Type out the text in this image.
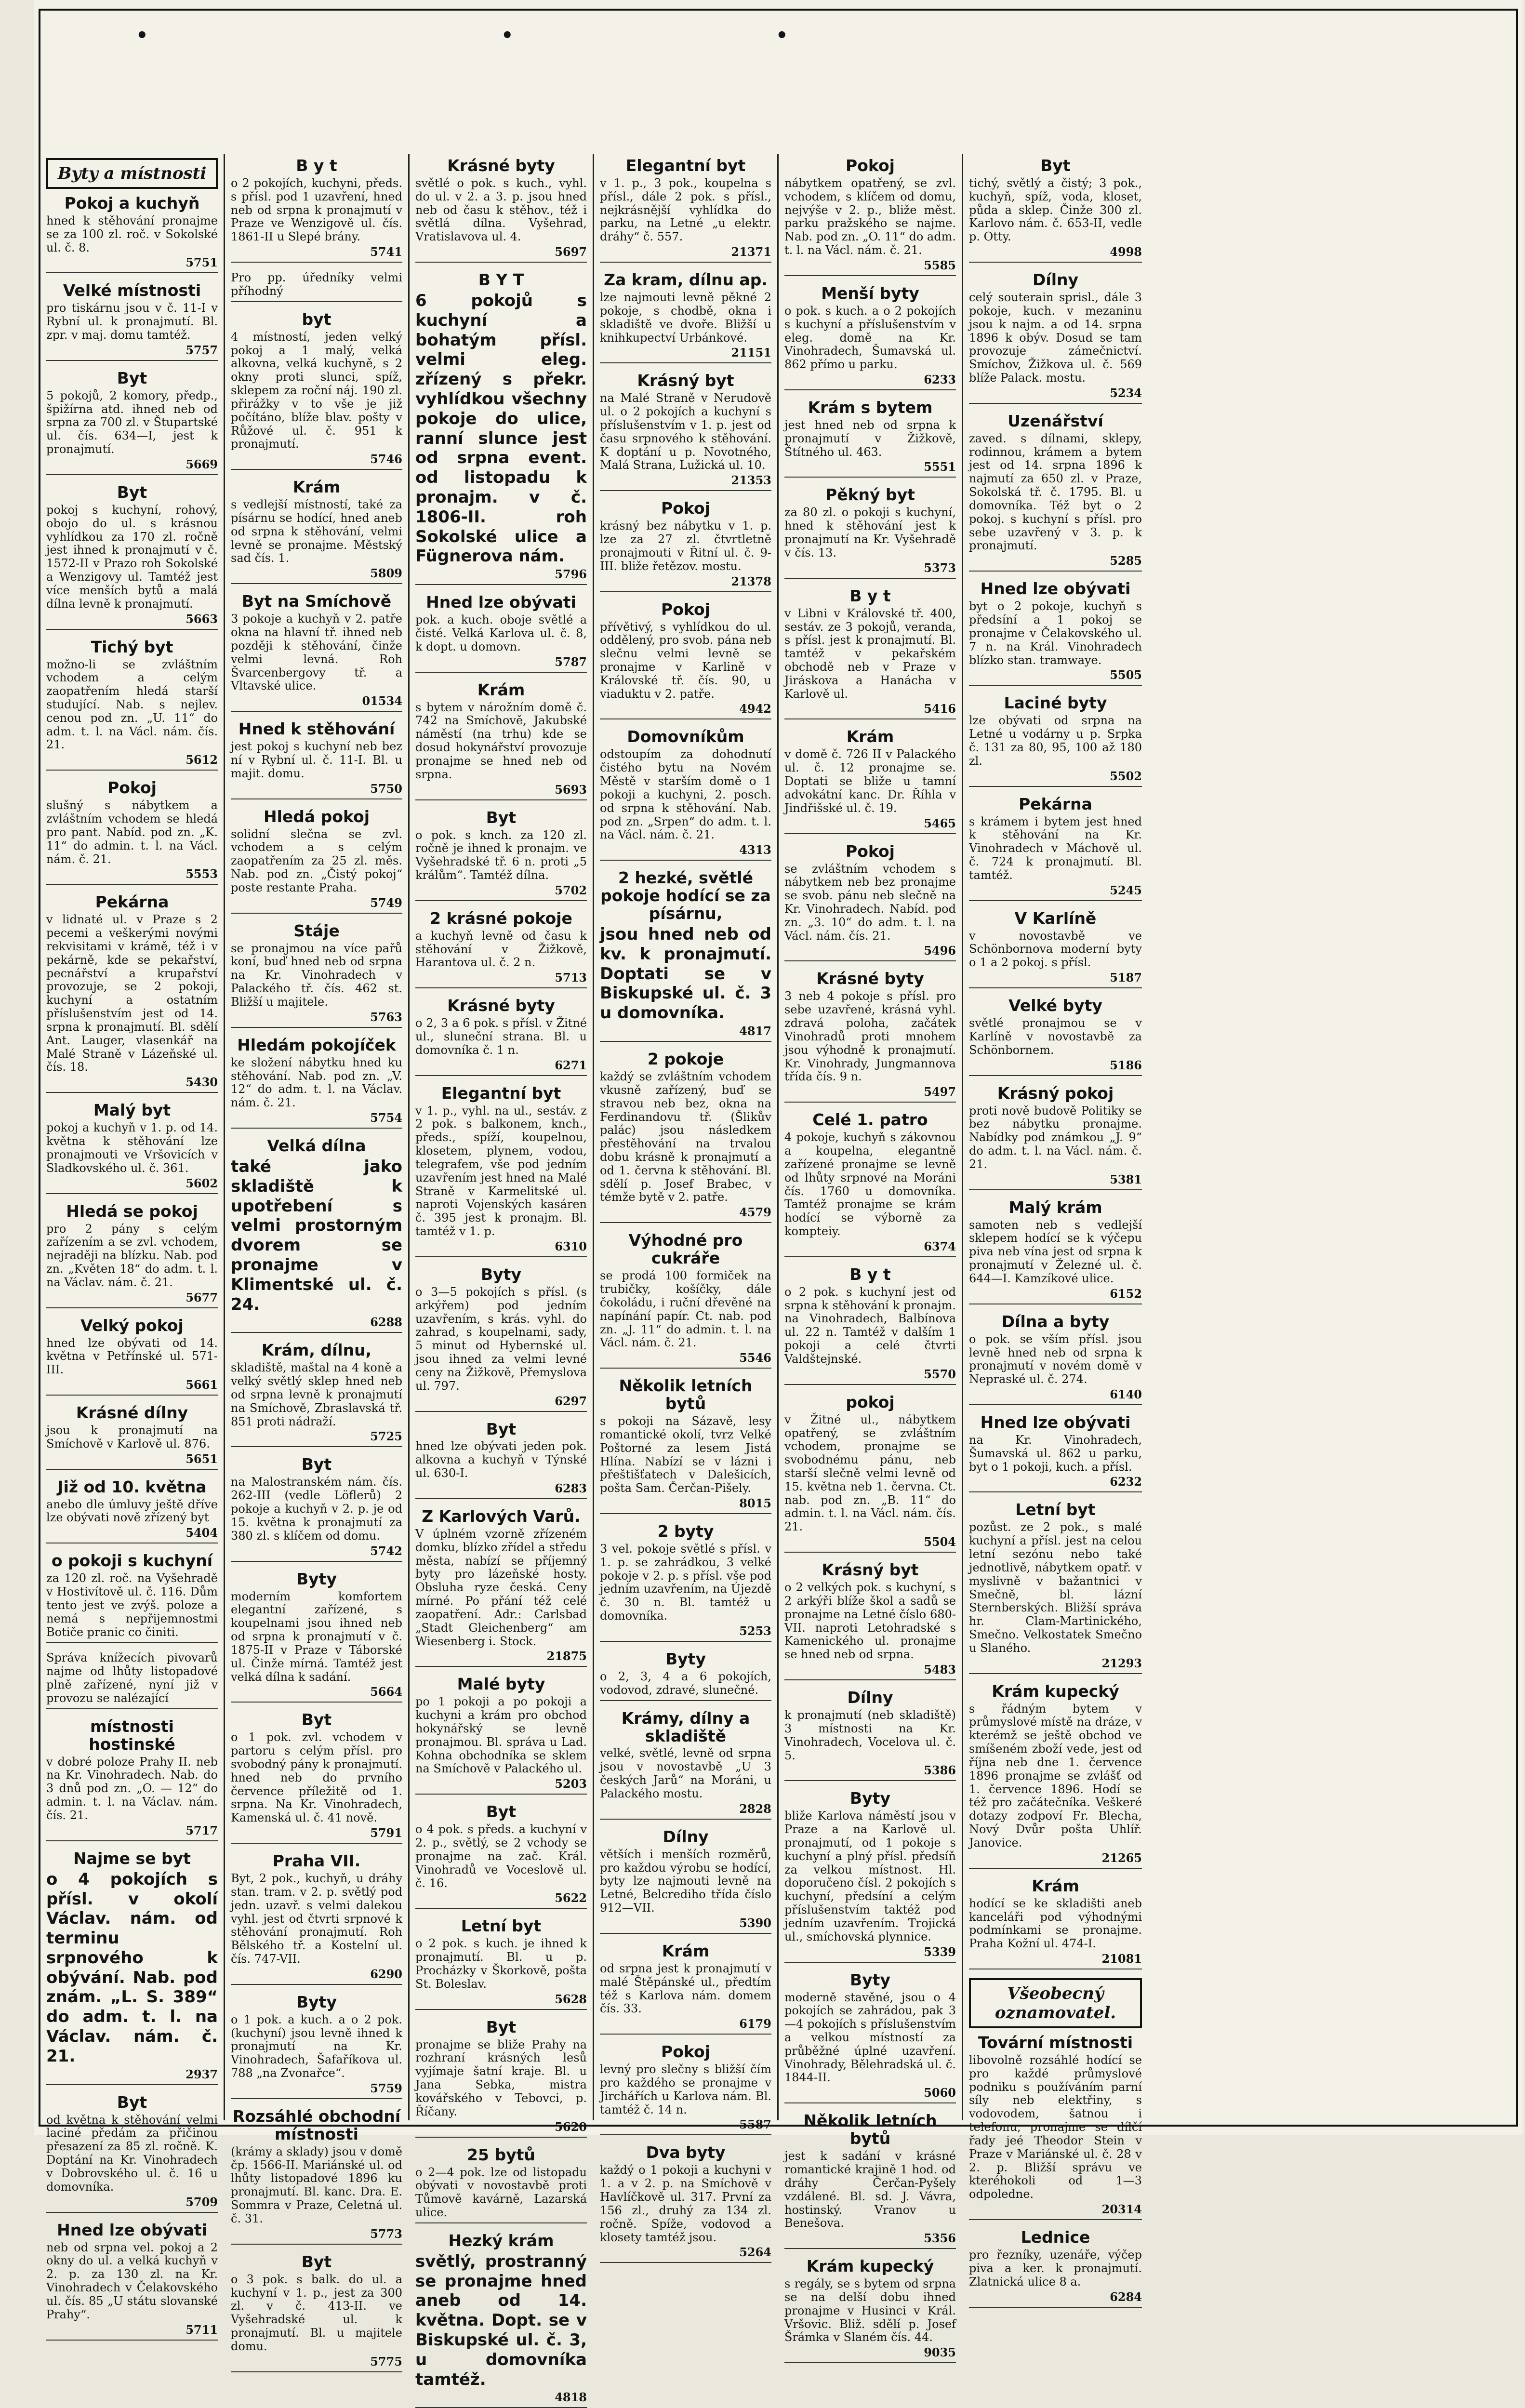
•	•	•
Byty a místnosti
Pokoj a kuchyň
hned k stěhování pronajme se za 100 zl. roč. v Sokolské ul. č. 8.
5751
Velké místnosti
pro tiskárnu jsou v č. 11-I v Rybní ul. k pronajmutí. Bl. zpr. v maj. domu tamtéž.
5757
Byt
5 pokojů, 2 komory, předp., špižírna atd. ihned neb od srpna za 700 zl. v Štupartské ul. čís. 634—I, jest k pronajmutí.
5669
Byt
pokoj s kuchyní, rohový, obojo do ul. s krásnou vyhlídkou za 170 zl. ročně jest ihned k pronajmutí v č. 1572-II v Prazo roh Sokolské a Wenzigovy ul. Tamtéž jest více menších bytů a malá dílna levně k pronajmutí.
5663
Tichý byt
možno-li se zvláštním vchodem a celým zaopatřením hledá starší studující. Nab. s nejlev. cenou pod zn. „U. 11“ do adm. t. l. na Václ. nám. čís. 21.
5612
Pokoj
slušný s nábytkem a zvláštním vchodem se hledá pro pant. Nabíd. pod zn. „K. 11“ do admin. t. l. na Václ. nám. č. 21.
5553
Pekárna
v lidnaté ul. v Praze s 2 pecemi a veškerými novými rekvisitami v krámě, též i v pekárně, kde se pekařství, pecnářství a krupařství provozuje, se 2 pokoji, kuchyní a ostatním příslušenstvím jest od 14. srpna k pronajmutí. Bl. sdělí Ant. Lauger, vlasenkář na Malé Straně v Lázeňské ul. čís. 18.
5430
Malý byt
pokoj a kuchyň v 1. p. od 14. května k stěhování lze pronajmouti ve Vršovicích v Sladkovského ul. č. 361.
5602
Hledá se pokoj
pro 2 pány s celým zařízením a se zvl. vchodem, nejraději na blízku. Nab. pod zn. „Květen 18“ do adm. t. l. na Václav. nám. č. 21.
5677
Velký pokoj
hned lze obývati od 14. května v Petřínské ul. 571-III.
5661
Krásné dílny
jsou k pronajmutí na Smíchově v Karlově ul. 876.
5651
Již od 10. května
anebo dle úmluvy ještě dříve lze obývati nově zřízený byt
5404
o pokoji s kuchyní
za 120 zl. roč. na Vyšehradě v Hostivítově ul. č. 116. Dům tento jest ve zvýš. poloze a nemá s nepřijemnostmi Botiče pranic co činiti.
Správa knížecích pivovarů najme od lhůty listopadové plně zařízené, nyní již v provozu se nalézající
místnosti hostinské
v dobré poloze Prahy II. neb na Kr. Vinohradech. Nab. do 3 dnů pod zn. „O. — 12“ do admin. t. l. na Václav. nám. čís. 21.
5717
Najme se byt
o 4 pokojích s přísl. v okolí Václav. nám. od terminu srpnového k obývání. Nab. pod znám. „L. S. 389“ do adm. t. l. na Václav. nám. č. 21.
2937
Byt
od května k stěhování velmi laciné předám za přičinou přesazení za 85 zl. ročně. K. Doptání na Kr. Vinohradech v Dobrovského ul. č. 16 u domovníka.
5709
Hned lze obývati
neb od srpna vel. pokoj a 2 okny do ul. a velká kuchyň v 2. p. za 130 zl. na Kr. Vinohradech v Čelakovského ul. čís. 85 „U státu slovanské Prahy“.
5711
B y t
o 2 pokojích, kuchyni, předs. s přísl. pod 1 uzavření, hned neb od srpna k pronajmutí v Praze ve Wenzigově ul. čís. 1861-II u Slepé brány.
5741
Pro pp. úředníky velmi příhodný
byt
4 místností, jeden velký pokoj a 1 malý, velká alkovna, velká kuchyně, s 2 okny proti slunci, spíž, sklepem za roční náj. 190 zl. přirážky v to vše je již počítáno, blíže blav. pošty v Růžové ul. č. 951 k pronajmutí.
5746
Krám
s vedlejší místností, také za písárnu se hodící, hned aneb od srpna k stěhování, velmi levně se pronajme. Městský sad čís. 1.
5809
Byt na Smíchově
3 pokoje a kuchyň v 2. patře okna na hlavní tř. ihned neb později k stěhování, činže velmi levná. Roh Švarcenbergovy tř. a Vltavské ulice.
01534
Hned k stěhování
jest pokoj s kuchyní neb bez ní v Rybní ul. č. 11-I. Bl. u majit. domu.
5750
Hledá pokoj
solidní slečna se zvl. vchodem a s celým zaopatřením za 25 zl. měs. Nab. pod zn. „Čistý pokoj“ poste restante Praha.
5749
Stáje
se pronajmou na více pařů koní, buď hned neb od srpna na Kr. Vinohradech v Palackého tř. čís. 462 st. Bližší u majitele.
5763
Hledám pokojíček
ke složení nábytku hned ku stěhování. Nab. pod zn. „V. 12“ do adm. t. l. na Václav. nám. č. 21.
5754
Velká dílna
také jako skladiště k upotřebení s velmi prostorným dvorem se pronajme v Klimentské ul. č. 24.
6288
Krám, dílnu,
skladiště, maštal na 4 koně a velký světlý sklep hned neb od srpna levně k pronajmutí na Smíchově, Zbraslavská tř. 851 proti nádraží.
5725
Byt
na Malostranském nám. čís. 262-III (vedle Löflerů) 2 pokoje a kuchyň v 2. p. je od 15. května k pronajmutí za 380 zl. s klíčem od domu.
5742
Byty
moderním komfortem elegantní zařízené, s koupelnami jsou ihned neb od srpna k pronajmutí v č. 1875-II v Praze v Táborské ul. Činže mírná. Tamtéž jest velká dílna k sadání.
5664
Byt
o 1 pok. zvl. vchodem v partoru s celým přísl. pro svobodný pány k pronajmutí. hned neb do prvního července příležitě od 1. srpna. Na Kr. Vinohradech, Kamenská ul. č. 41 nově.
5791
Praha VII.
Byt, 2 pok., kuchyň, u dráhy stan. tram. v 2. p. světlý pod jedn. uzavř. s velmi dalekou vyhl. jest od čtvrti srpnové k stěhování pronajmutí. Roh Bělského tř. a Kostelní ul. čís. 747-VII.
6290
Byty
o 1 pok. a kuch. a o 2 pok. (kuchyní) jsou levně ihned k pronajmutí na Kr. Vinohradech, Šafaříkova ul. 788 „na Zvonařce“.
5759
Rozsáhlé obchodní místnosti
(krámy a sklady) jsou v domě čp. 1566-II. Mariánské ul. od lhůty listopadové 1896 ku pronajmutí. Bl. kanc. Dra. E. Sommra v Praze, Celetná ul. č. 31.
5773
Byt
o 3 pok. s balk. do ul. a kuchyní v 1. p., jest za 300 zl. v č. 413-II. ve Vyšehradské ul. k pronajmutí. Bl. u majitele domu.
5775
Krásné byty
světlé o pok. s kuch., vyhl. do ul. v 2. a 3. p. jsou hned neb od času k stěhov., též i světlá dílna. Vyšehrad, Vratislavova ul. 4.
5697
B Y T
6 pokojů s kuchyní a bohatým přísl. velmi eleg. zřízený s překr. vyhlídkou všechny pokoje do ulice, ranní slunce jest od srpna event. od listopadu k pronajm. v č. 1806-II. roh Sokolské ulice a Fügnerova nám.
5796
Hned lze obývati
pok. a kuch. oboje světlé a čisté. Velká Karlova ul. č. 8, k dopt. u domovn.
5787
Krám
s bytem v nárožním domě č. 742 na Smíchově, Jakubské náměstí (na trhu) kde se dosud hokynářství provozuje pronajme se hned neb od srpna.
5693
Byt
o pok. s knch. za 120 zl. ročně je ihned k pronajm. ve Vyšehradské tř. 6 n. proti „5 králům“. Tamtéž dílna.
5702
2 krásné pokoje
a kuchyň levně od času k stěhování v Žižkově, Harantova ul. č. 2 n.
5713
Krásné byty
o 2, 3 a 6 pok. s přísl. v Žitné ul., sluneční strana. Bl. u domovníka č. 1 n.
6271
Elegantní byt
v 1. p., vyhl. na ul., sestáv. z 2 pok. s balkonem, knch., předs., spíží, koupelnou, klosetem, plynem, vodou, telegrafem, vše pod jedním uzavřením jest hned na Malé Straně v Karmelitské ul. naproti Vojenských kasáren č. 395 jest k pronajm. Bl. tamtéž v 1. p.
6310
Byty
o 3—5 pokojích s přísl. (s arkýřem) pod jedním uzavřením, s krás. vyhl. do zahrad, s koupelnami, sady, 5 minut od Hybernské ul. jsou ihned za velmi levné ceny na Žižkově, Přemyslova ul. 797.
6297
Byt
hned lze obývati jeden pok. alkovna a kuchyň v Týnské ul. 630-I.
6283
Z Karlových Varů.
V úplném vzorně zřízeném domku, blízko zřídel a středu města, nabízí se příjemný byty pro lázeňské hosty. Obsluha ryze česká. Ceny mírné. Po přání též celé zaopatření. Adr.: Carlsbad „Stadt Gleichenberg“ am Wiesenberg i. Stock.
21875
Malé byty
po 1 pokoji a po pokoji a kuchyni a krám pro obchod hokynářský se levně pronajmou. Bl. správa u Lad. Kohna obchodníka se sklem na Smíchově v Palackého ul.
5203
Byt
o 4 pok. s předs. a kuchyní v 2. p., světlý, se 2 vchody se pronajme na zač. Král. Vinohradů ve Voceslově ul. č. 16.
5622
Letní byt
o 2 pok. s kuch. je ihned k pronajmutí. Bl. u p. Procházky v Škorkově, pošta St. Boleslav.
5628
Byt
pronajme se bliže Prahy na rozhraní krásných lesů vyjímaje šatní kraje. Bl. u Jana Sebka, mistra kovářského v Tebovci, p. Říčany.
5620
25 bytů
o 2—4 pok. lze od listopadu obývati v novostavbě proti Tůmově kavárně, Lazarská ulice.
Hezký krám
světlý, prostranný se pronajme hned aneb od 14. května. Dopt. se v Biskupské ul. č. 3, u domovníka tamtéž.
4818
Elegantní byt
v 1. p., 3 pok., koupelna s přísl., dále 2 pok. s přísl., nejkrásnější vyhlídka do parku, na Letné „u elektr. dráhy“ č. 557.
21371
Za kram, dílnu ap.
lze najmouti levně pěkné 2 pokoje, s chodbě, okna i skladiště ve dvoře. Bližší u knihkupectví Urbánkové.
21151
Krásný byt
na Malé Straně v Nerudově ul. o 2 pokojích a kuchyní s příslušenstvím v 1. p. jest od času srpnového k stěhování. K doptání u p. Novotného, Malá Strana, Lužická ul. 10.
21353
Pokoj
krásný bez nábytku v 1. p. lze za 27 zl. čtvrtletně pronajmouti v Řitní ul. č. 9-III. bliže řetězov. mostu.
21378
Pokoj
přívětivý, s vyhlídkou do ul. oddělený, pro svob. pána neb slečnu velmi levně se pronajme v Karlině v Královské tř. čís. 90, u viaduktu v 2. patře.
4942
Domovníkům
odstoupím za dohodnutí čistého bytu na Novém Městě v starším domě o 1 pokoji a kuchyni, 2. posch. od srpna k stěhování. Nab. pod zn. „Srpen“ do adm. t. l. na Václ. nám. č. 21.
4313
2 hezké, světlé pokoje hodící se za písárnu,
jsou hned neb od kv. k pronajmutí. Doptati se v Biskupské ul. č. 3 u domovníka.
4817
2 pokoje
každý se zvláštním vchodem vkusně zařízený, buď se stravou neb bez, okna na Ferdinandovu tř. (Šlikův palác) jsou následkem přestěhování na trvalou dobu krásně k pronajmutí a od 1. června k stěhování. Bl. sdělí p. Josef Brabec, v témže bytě v 2. patře.
4579
Výhodné pro cukráře
se prodá 100 formiček na trubičky, košíčky, dále čokoládu, i ruční dřevěné na napínání papír. Ct. nab. pod zn. „J. 11“ do admin. t. l. na Václ. nám. č. 21.
5546
Několik letních bytů
s pokoji na Sázavě, lesy romantické okolí, tvrz Velké Poštorné za lesem Jistá Hlína. Nabízí se v lázni i přeštišťatech v Dalešicích, pošta Sam. Čerčan-Pišely.
8015
2 byty
3 vel. pokoje světlé s přísl. v 1. p. se zahrádkou, 3 velké pokoje v 2. p. s přísl. vše pod jedním uzavřením, na Újezdě č. 30 n. Bl. tamtéž u domovníka.
5253
Byty
o 2, 3, 4 a 6 pokojích, vodovod, zdravé, slunečné.
Krámy, dílny a skladiště
velké, světlé, levně od srpna jsou v novostavbě „U 3 českých Jarů“ na Moráni, u Palackého mostu.
2828
Dílny
větších i menších rozměrů, pro každou výrobu se hodící, byty lze najmouti levně na Letné, Belcrediho třída číslo 912—VII.
5390
Krám
od srpna jest k pronajmutí v malé Štěpánské ul., předtím též s Karlova nám. domem čís. 33.
6179
Pokoj
levný pro slečny s bližší čím pro každého se pronajme v Jirchářích u Karlova nám. Bl. tamtéž č. 14 n.
5587
Dva byty
každý o 1 pokoji a kuchyni v 1. a v 2. p. na Smíchově v Havlíčkově ul. 317. První za 156 zl., druhý za 134 zl. ročně. Spíže, vodovod a klosety tamtéž jsou.
5264
Pokoj
nábytkem opatřený, se zvl. vchodem, s klíčem od domu, nejvýše v 2. p., bliže měst. parku pražského se najme. Nab. pod zn. „O. 11“ do adm. t. l. na Václ. nám. č. 21.
5585
Menší byty
o pok. s kuch. a o 2 pokojích s kuchyní a příslušenstvím v eleg. domě na Kr. Vinohradech, Šumavská ul. 862 přímo u parku.
6233
Krám s bytem
jest hned neb od srpna k pronajmutí v Žižkově, Štítného ul. 463.
5551
Pěkný byt
za 80 zl. o pokoji s kuchyní, hned k stěhování jest k pronajmutí na Kr. Vyšehradě v čís. 13.
5373
B y t
v Libni v Královské tř. 400, sestáv. ze 3 pokojů, veranda, s přísl. jest k pronajmutí. Bl. tamtéž v pekařském obchodě neb v Praze v Jiráskova a Hanácha v Karlově ul.
5416
Krám
v domě č. 726 II v Palackého ul. č. 12 pronajme se. Doptati se bliže u tamní advokátní kanc. Dr. Říhla v Jindřišské ul. č. 19.
5465
Pokoj
se zvláštním vchodem s nábytkem neb bez pronajme se svob. pánu neb slečně na Kr. Vinohradech. Nabíd. pod zn. „3. 10“ do adm. t. l. na Václ. nám. čís. 21.
5496
Krásné byty
3 neb 4 pokoje s přísl. pro sebe uzavřené, krásná vyhl. zdravá poloha, začátek Vinohradů proti mnohem jsou výhodně k pronajmutí. Kr. Vinohrady, Jungmannova třída čís. 9 n.
5497
Celé 1. patro
4 pokoje, kuchyň s zákovnou a koupelna, elegantně zařízené pronajme se levně od lhůty srpnové na Moráni čís. 1760 u domovníka. Tamtéž pronajme se krám hodící se výborně za kompteiy.
6374
B y t
o 2 pok. s kuchyní jest od srpna k stěhování k pronajm. na Vinohradech, Balbínova ul. 22 n. Tamtéž v dalším 1 pokoji a celé čtvrti Valdštejnské.
5570
pokoj
v Žitné ul., nábytkem opatřený, se zvláštním vchodem, pronajme se svobodnému pánu, neb starší slečně velmi levně od 15. května neb 1. června. Ct. nab. pod zn. „B. 11“ do admin. t. l. na Václ. nám. čís. 21.
5504
Krásný byt
o 2 velkých pok. s kuchyní, s 2 arkýři blíže škol a sadů se pronajme na Letné číslo 680-VII. naproti Letohradské s Kamenického ul. pronajme se hned neb od srpna.
5483
Dílny
k pronajmutí (neb skladiště) 3 místnosti na Kr. Vinohradech, Vocelova ul. č. 5.
5386
Byty
bliže Karlova náměstí jsou v Praze a na Karlově ul. pronajmutí, od 1 pokoje s kuchyní a plný přísl. předsíň za velkou místnost. Hl. doporučeno čísl. 2 pokojích s kuchyní, předsíní a celým příslušenstvím taktéž pod jedním uzavřením. Trojická ul., smíchovská plynnice.
5339
Byty
moderně stavěné, jsou o 4 pokojích se zahrádou, pak 3—4 pokojích s příslušenstvím a velkou místností za průběžné úplné uzavření. Vinohrady, Bělehradská ul. č. 1844-II.
5060
Několik letních bytů
jest k sadání v krásné romantické krajině 1 hod. od dráhy Čerčan-Pyšely vzdálené. Bl. sd. J. Vávra, hostinský. Vranov u Benešova.
5356
Krám kupecký
s regály, se s bytem od srpna se na delší dobu ihned pronajme v Husinci v Král. Vršovic. Bliž. sdělí p. Josef Šrámka v Slaném čís. 44.
9035
Byt
tichý, světlý a čistý; 3 pok., kuchyň, spíž, voda, kloset, půda a sklep. Činže 300 zl. Karlovo nám. č. 653-II, vedle p. Otty.
4998
Dílny
celý souterain sprisl., dále 3 pokoje, kuch. v mezaninu jsou k najm. a od 14. srpna 1896 k obýv. Dosud se tam provozuje zámečnictví. Smíchov, Žižkova ul. č. 569 blíže Palack. mostu.
5234
Uzenářství
zaved. s dílnami, sklepy, rodinnou, krámem a bytem jest od 14. srpna 1896 k najmutí za 650 zl. v Praze, Sokolská tř. č. 1795. Bl. u domovníka. Též byt o 2 pokoj. s kuchyní s přísl. pro sebe uzavřený v 3. p. k pronajmutí.
5285
Hned lze obývati
byt o 2 pokoje, kuchyň s předsíní a 1 pokoj se pronajme v Čelakovského ul. 7 n. na Král. Vinohradech blízko stan. tramwaye.
5505
Laciné byty
lze obývati od srpna na Letné u vodárny u p. Srpka č. 131 za 80, 95, 100 až 180 zl.
5502
Pekárna
s krámem i bytem jest hned k stěhování na Kr. Vinohradech v Máchově ul. č. 724 k pronajmutí. Bl. tamtéž.
5245
V Karlíně
v novostavbě ve Schönbornova moderní byty o 1 a 2 pokoj. s přísl.
5187
Velké byty
světlé pronajmou se v Karlíně v novostavbě za Schönbornem.
5186
Krásný pokoj
proti nově budově Politiky se bez nábytku pronajme. Nabídky pod známkou „J. 9“ do adm. t. l. na Václ. nám. č. 21.
5381
Malý krám
samoten neb s vedlejší sklepem hodící se k výčepu piva neb vína jest od srpna k pronajmutí v Železné ul. č. 644—I. Kamzíkové ulice.
6152
Dílna a byty
o pok. se vším přísl. jsou levně hned neb od srpna k pronajmutí v novém domě v Nepraské ul. č. 274.
6140
Hned lze obývati
na Kr. Vinohradech, Šumavská ul. 862 u parku, byt o 1 pokoji, kuch. a přísl.
6232
Letní byt
pozůst. ze 2 pok., s malé kuchyní a přísl. jest na celou letní sezónu nebo také jednotlivě, nábytkem opatř. v myslivně v bažantnici v Smečně, bl. lázní Sternberských. Bližší správa hr. Clam-Martinického, Smečno. Velkostatek Smečno u Slaného.
21293
Krám kupecký
s řádným bytem v průmyslové místě na dráze, v kterémž se ještě obchod ve smíšeném zboží vede, jest od října neb dne 1. července 1896 pronajme se zvlášť od 1. července 1896. Hodí se též pro začátečníka. Veškeré dotazy zodpoví Fr. Blecha, Nový Dvůr pošta Uhlíř. Janovice.
21265
Krám
hodící se ke skladišti aneb kanceláři pod výhodnými podmínkami se pronajme. Praha Kožní ul. 474-I.
21081
Všeobecný oznamovatel.
Tovární místnosti
libovolně rozsáhlé hodící se pro každé průmyslové podniku s používáním parní síly neb elektřiny, s vodovodem, šatnou i telefonu, pronajme se dílčí řady jeé Theodor Stein v Praze v Mariánské ul. č. 28 v 2. p. Bližší správu ve kteréhokoli od 1—3 odpoledne.
20314
Lednice
pro řezníky, uzenáře, výčep piva a ker. k pronajmutí. Zlatnická ulice 8 a.
6284
